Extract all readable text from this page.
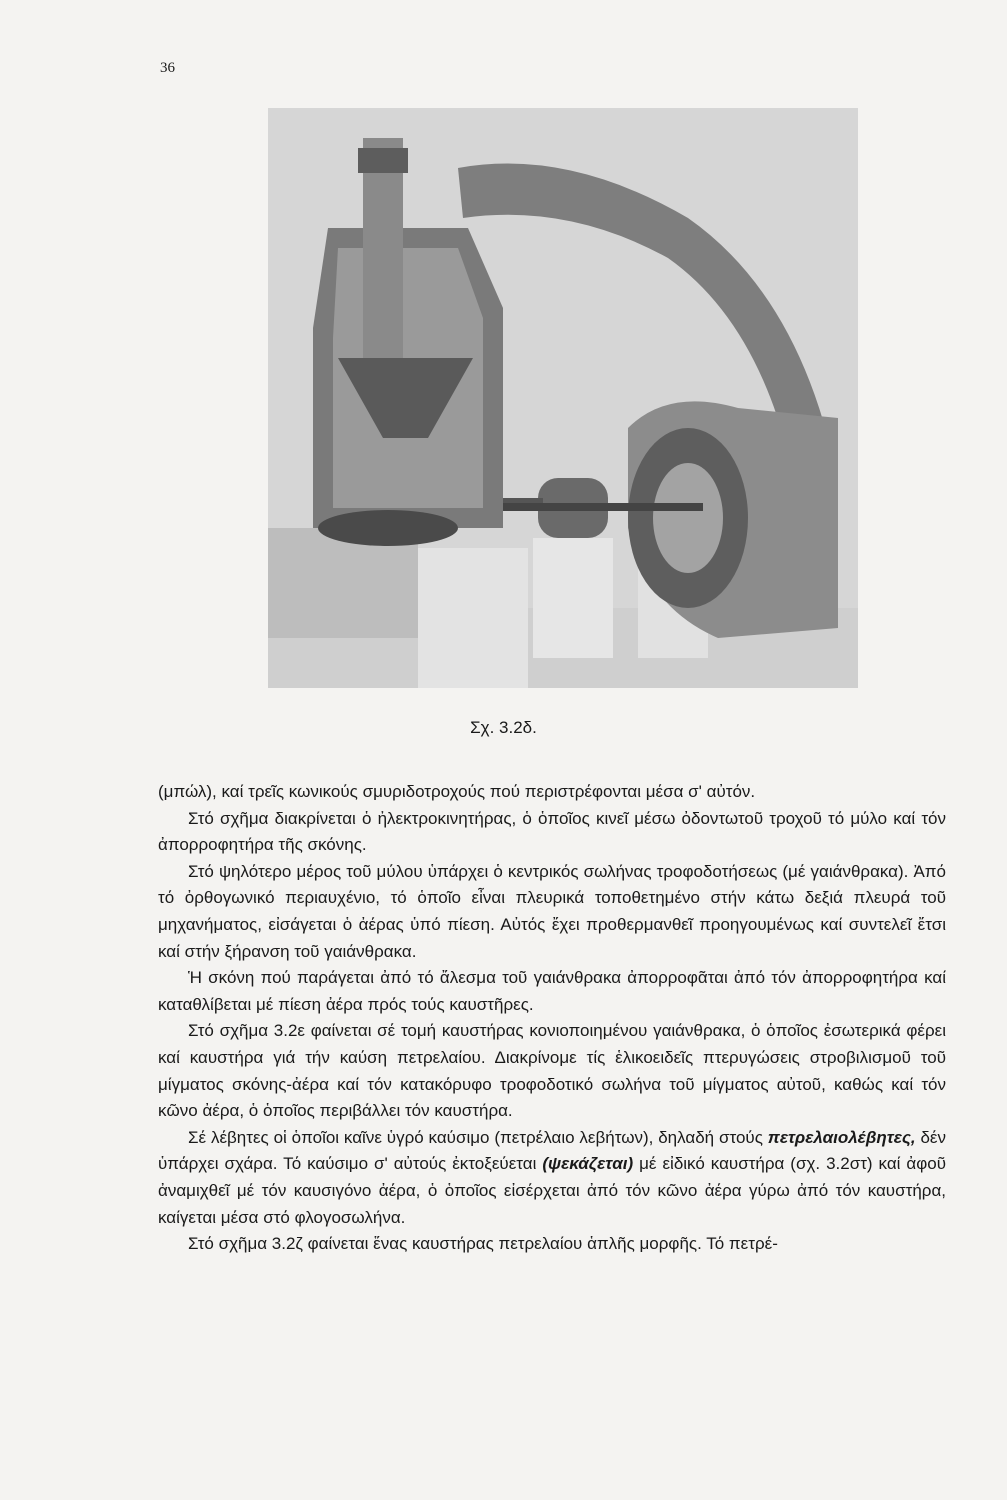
36
Σχ. 3.2δ.

(μπώλ), καί τρεῖς κωνικούς σμυριδοτροχούς πού περιστρέφονται μέσα σ' αὐτόν.

Στό σχῆμα διακρίνεται ὁ ἠλεκτροκινητήρας, ὁ ὁποῖος κινεῖ μέσω ὀδοντωτοῦ τροχοῦ τό μύλο καί τόν ἀπορροφητήρα τῆς σκόνης.

Στό ψηλότερο μέρος τοῦ μύλου ὑπάρχει ὁ κεντρικός σωλήνας τροφοδοτήσεως (μέ γαιάνθρακα). Ἀπό τό ὀρθογωνικό περιαυχένιο, τό ὁποῖο εἶναι πλευρικά τοποθετημένο στήν κάτω δεξιά πλευρά τοῦ μηχανήματος, εἰσάγεται ὁ ἀέρας ὑπό πίεση. Αὐτός ἔχει προθερμανθεῖ προηγουμένως καί συντελεῖ ἔτσι καί στήν ξήρανση τοῦ γαιάνθρακα.

Ἡ σκόνη πού παράγεται ἀπό τό ἄλεσμα τοῦ γαιάνθρακα ἀπορροφᾶται ἀπό τόν ἀπορροφητήρα καί καταθλίβεται μέ πίεση ἀέρα πρός τούς καυστῆρες.

Στό σχῆμα 3.2ε φαίνεται σέ τομή καυστήρας κονιοποιημένου γαιάνθρακα, ὁ ὁποῖος ἐσωτερικά φέρει καί καυστήρα γιά τήν καύση πετρελαίου. Διακρίνομε τίς ἑλικοειδεῖς πτερυγώσεις στροβιλισμοῦ τοῦ μίγματος σκόνης-ἀέρα καί τόν κατακόρυφο τροφοδοτικό σωλήνα τοῦ μίγματος αὐτοῦ, καθώς καί τόν κῶνο ἀέρα, ὁ ὁποῖος περιβάλλει τόν καυστήρα.

Σέ λέβητες οἱ ὁποῖοι καῖνε ὑγρό καύσιμο (πετρέλαιο λεβήτων), δηλαδή στούς πετρελαιολέβητες, δέν ὑπάρχει σχάρα. Τό καύσιμο σ' αὐτούς ἐκτοξεύεται (ψεκάζεται) μέ εἰδικό καυστήρα (σχ. 3.2στ) καί ἀφοῦ ἀναμιχθεῖ μέ τόν καυσιγόνο ἀέρα, ὁ ὁποῖος εἰσέρχεται ἀπό τόν κῶνο ἀέρα γύρω ἀπό τόν καυστήρα, καίγεται μέσα στό φλογοσωλήνα.

Στό σχῆμα 3.2ζ φαίνεται ἕνας καυστήρας πετρελαίου ἁπλῆς μορφῆς. Τό πετρέ-
